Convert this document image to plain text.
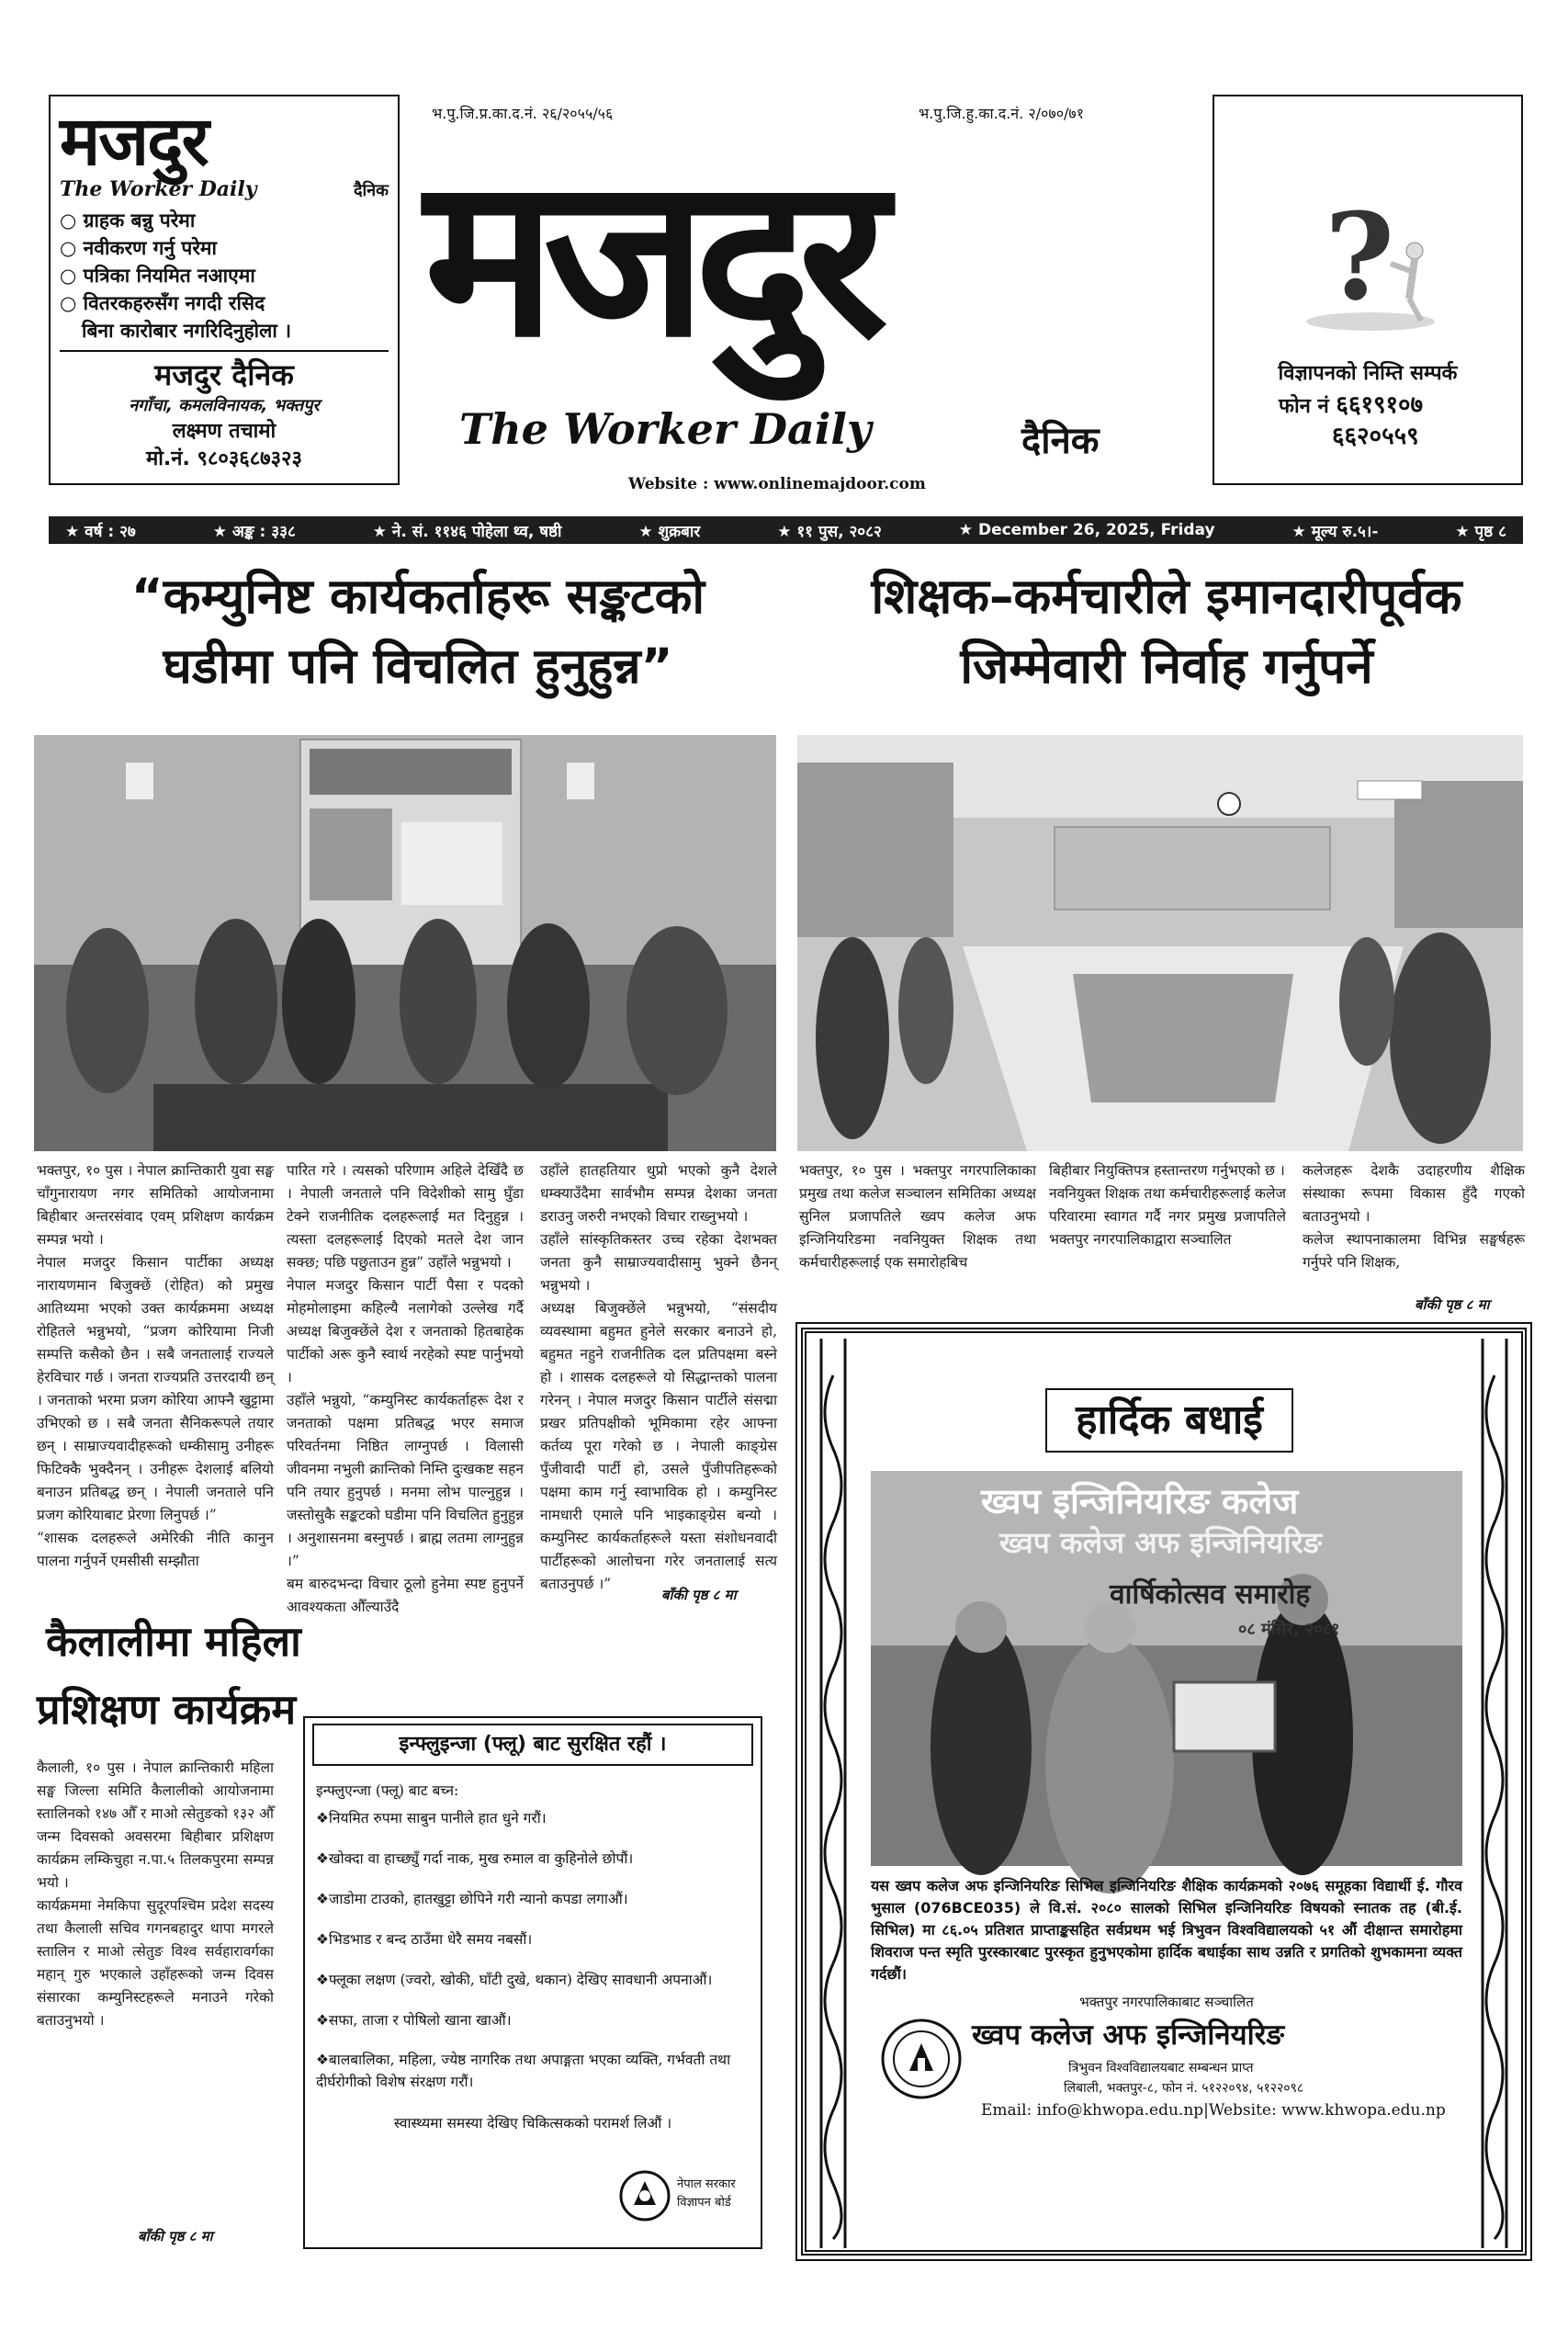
मजदुर
The Worker Daily	दैनिक
○ ग्राहक बन्नु परेमा
○ नवीकरण गर्नु परेमा
○ पत्रिका नियमित नआएमा
○ वितरकहरुसँग नगदी रसिद
बिना कारोबार नगरिदिनुहोला ।
मजदुर दैनिक
नगाँचा, कमलविनायक, भक्तपुर
लक्ष्मण तचामो
मो.नं. ९८०३६८७३२३
भ.पु.जि.प्र.का.द.नं. २६/२०५५/५६	भ.पु.जि.हु.का.द.नं. २/०७०/७१
मजदुर
The Worker Daily	दैनिक
Website : www.onlinemajdoor.com
?
विज्ञापनको निम्ति सम्पर्क
फोन नं ६६१९१०७
६६२०५५९
★ वर्ष : २७	★ अङ्क : ३३८	★ ने. सं. ११४६ पोहेला थ्व, षष्ठी	★ शुक्रबार	★ ११ पुस, २०८२	★ December 26, 2025, Friday	★ मूल्य रु.५।-	★ पृष्ठ ८
“कम्युनिष्ट कार्यकर्ताहरू सङ्कटको
घडीमा पनि विचलित हुनुहुन्न”
शिक्षक–कर्मचारीले इमानदारीपूर्वक
जिम्मेवारी निर्वाह गर्नुपर्ने
भक्तपुर, १० पुस । नेपाल क्रान्तिकारी युवा सङ्घ चाँगुनारायण नगर समितिको आयोजनामा बिहीबार अन्तरसंवाद एवम् प्रशिक्षण कार्यक्रम सम्पन्न भयो ।
नेपाल मजदुर किसान पार्टीका अध्यक्ष नारायणमान बिजुक्छें (रोहित) को प्रमुख आतिथ्यमा भएको उक्त कार्यक्रममा अध्यक्ष रोहितले भन्नुभयो, “प्रजग कोरियामा निजी सम्पत्ति कसैको छैन । सबै जनतालाई राज्यले हेरविचार गर्छ । जनता राज्यप्रति उत्तरदायी छन् । जनताको भरमा प्रजग कोरिया आफ्नै खुट्टामा उभिएको छ । सबै जनता सैनिकरूपले तयार छन् । साम्राज्यवादीहरूको धम्कीसामु उनीहरू फिटिक्कै भुक्दैनन् । उनीहरू देशलाई बलियो बनाउन प्रतिबद्ध छन् । नेपाली जनताले पनि प्रजग कोरियाबाट प्रेरणा लिनुपर्छ ।”
“शासक दलहरूले अमेरिकी नीति कानुन पालना गर्नुपर्ने एमसीसी सम्झौता
पारित गरे । त्यसको परिणाम अहिले देखिँदै छ । नेपाली जनताले पनि विदेशीको सामु घुँडा टेक्ने राजनीतिक दलहरूलाई मत दिनुहुन्न । त्यस्ता दलहरूलाई दिएको मतले देश जान सक्छ; पछि पछुताउन हुन्न” उहाँले भन्नुभयो ।
नेपाल मजदुर किसान पार्टी पैसा र पदको मोहमोलाइमा कहिल्यै नलागेको उल्लेख गर्दै अध्यक्ष बिजुक्छेंले देश र जनताको हितबाहेक पार्टीको अरू कुनै स्वार्थ नरहेको स्पष्ट पार्नुभयो ।
उहाँले भन्नुयो, “कम्युनिस्ट कार्यकर्ताहरू देश र जनताको पक्षमा प्रतिबद्ध भएर समाज परिवर्तनमा निष्ठित लाग्नुपर्छ । विलासी जीवनमा नभुली क्रान्तिको निम्ति दुःखकष्ट सहन पनि तयार हुनुपर्छ । मनमा लोभ पाल्नुहुन्न । जस्तोसुकै सङ्कटको घडीमा पनि विचलित हुनुहुन्न । अनुशासनमा बस्नुपर्छ । ब्राह्म लतमा लाग्नुहुन्न ।”
बम बारुदभन्दा विचार ठूलो हुनेमा स्पष्ट हुनुपर्ने आवश्यकता औँल्याउँदै
उहाँले हातहतियार थुप्रो भएको कुनै देशले धम्क्याउँदैमा सार्वभौम सम्पन्न देशका जनता डराउनु जरुरी नभएको विचार राख्नुभयो ।
उहाँले सांस्कृतिकस्तर उच्च रहेका देशभक्त जनता कुनै साम्राज्यवादीसामु भुक्ने छैनन् भन्नुभयो ।
अध्यक्ष बिजुक्छेंले भन्नुभयो, “संसदीय व्यवस्थामा बहुमत हुनेले सरकार बनाउने हो, बहुमत नहुने राजनीतिक दल प्रतिपक्षमा बस्ने हो । शासक दलहरूले यो सिद्धान्तको पालना गरेनन् । नेपाल मजदुर किसान पार्टीले संसद्मा प्रखर प्रतिपक्षीको भूमिकामा रहेर आफ्ना कर्तव्य पूरा गरेको छ । नेपाली काङ्ग्रेस पुँजीवादी पार्टी हो, उसले पुँजीपतिहरूको पक्षमा काम गर्नु स्वाभाविक हो । कम्युनिस्ट नामधारी एमाले पनि भाइकाङ्ग्रेस बन्यो । कम्युनिस्ट कार्यकर्ताहरूले यस्ता संशोधनवादी पार्टीहरूको आलोचना गरेर जनतालाई सत्य बताउनुपर्छ ।”
बाँकी पृष्ठ ८ मा
भक्तपुर, १० पुस । भक्तपुर नगरपालिकाका प्रमुख तथा कलेज सञ्चालन समितिका अध्यक्ष सुनिल प्रजापतिले ख्वप कलेज अफ इन्जिनियरिङमा नवनियुक्त शिक्षक तथा कर्मचारीहरूलाई एक समारोहबिच
बिहीबार नियुक्तिपत्र हस्तान्तरण गर्नुभएको छ ।
नवनियुक्त शिक्षक तथा कर्मचारीहरूलाई कलेज परिवारमा स्वागत गर्दै नगर प्रमुख प्रजापतिले भक्तपुर नगरपालिकाद्वारा सञ्चालित
कलेजहरू देशकै उदाहरणीय शैक्षिक संस्थाका रूपमा विकास हुँदै गएको बताउनुभयो ।
कलेज स्थापनाकालमा विभिन्न सङ्घर्षहरू गर्नुपरे पनि शिक्षक,
बाँकी पृष्ठ ८ मा
कैलालीमा महिला
प्रशिक्षण कार्यक्रम
कैलाली, १० पुस । नेपाल क्रान्तिकारी महिला सङ्घ जिल्ला समिति कैलालीको आयोजनामा स्तालिनको १४७ औँ र माओ त्सेतुङको १३२ औँ जन्म दिवसको अवसरमा बिहीबार प्रशिक्षण कार्यक्रम लम्किचुहा न.पा.५ तिलकपुरमा सम्पन्न भयो ।
कार्यक्रममा नेमकिपा सुदूरपश्चिम प्रदेश सदस्य तथा कैलाली सचिव गगनबहादुर थापा मगरले स्तालिन र माओ त्सेतुङ विश्व सर्वहारावर्गका महान् गुरु भएकाले उहाँहरूको जन्म दिवस संसारका कम्युनिस्टहरूले मनाउने गरेको बताउनुभयो ।
बाँकी पृष्ठ ८ मा
इन्फ्लुइन्जा (फ्लू) बाट सुरक्षित रहौं ।
इन्फ्लुएन्जा (फ्लू) बाट बच्न:
❖नियमित रुपमा साबुन पानीले हात धुने गरौं।
❖खोक्दा वा हाच्छ्युँ गर्दा नाक, मुख रुमाल वा कुहिनोले छोपौं।
❖जाडोमा टाउको, हातखुट्टा छोपिने गरी न्यानो कपडा लगाऔं।
❖भिडभाड र बन्द ठाउँमा धेरै समय नबसौं।
❖फ्लूका लक्षण (ज्वरो, खोकी, घाँटी दुखे, थकान) देखिए सावधानी अपनाऔं।
❖सफा, ताजा र पोषिलो खाना खाऔं।
❖बालबालिका, महिला, ज्येष्ठ नागरिक तथा अपाङ्गता भएका व्यक्ति, गर्भवती तथा दीर्घरोगीको विशेष संरक्षण गरौं।
स्वास्थ्यमा समस्या देखिए चिकित्सकको परामर्श लिऔं ।
नेपाल सरकार
विज्ञापन बोर्ड
हार्दिक बधाई
ख्वप इन्जिनियरिङ कलेज
ख्वप कलेज अफ इन्जिनियरिङ
वार्षिकोत्सव समारोह
०८ मंसिर, २०८१
यस ख्वप कलेज अफ इन्जिनियरिङ सिभिल इन्जिनियरिङ शैक्षिक कार्यक्रमको २०७६ समूहका विद्यार्थी ई. गौरव भुसाल (076BCE035) ले वि.सं. २०८० सालको सिभिल इन्जिनियरिङ विषयको स्नातक तह (बी.ई. सिभिल) मा ८६.०५ प्रतिशत प्राप्ताङ्कसहित सर्वप्रथम भई त्रिभुवन विश्वविद्यालयको ५१ औं दीक्षान्त समारोहमा शिवराज पन्त स्मृति पुरस्कारबाट पुरस्कृत हुनुभएकोमा हार्दिक बधाईका साथ उन्नति र प्रगतिको शुभकामना व्यक्त गर्दछौं।
भक्तपुर नगरपालिकाबाट सञ्चालित
ख्वप कलेज अफ इन्जिनियरिङ
त्रिभुवन विश्वविद्यालयबाट सम्बन्धन प्राप्त
लिबाली, भक्तपुर-८, फोन नं. ५१२२०९४, ५१२२०९८
Email: info@khwopa.edu.np|Website: www.khwopa.edu.np
